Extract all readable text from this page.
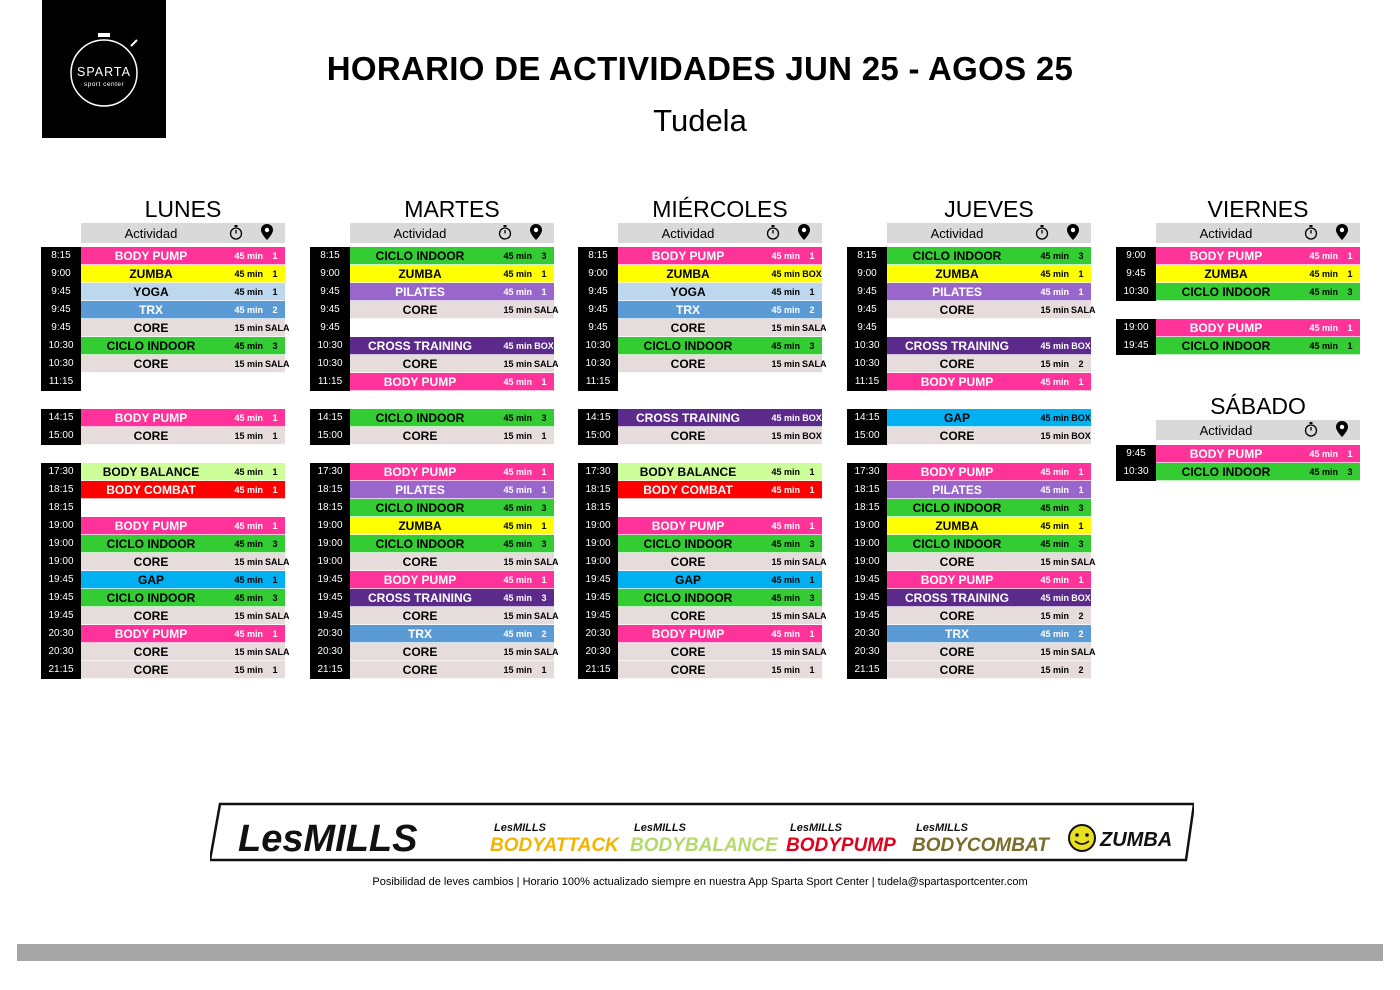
SPARTA
sport center	HORARIO DE ACTIVIDADES JUN 25 - AGOS 25
Tudela
LUNES
Actividad
8:15	BODY PUMP	45 min	1
9:00	ZUMBA	45 min	1
9:45	YOGA	45 min	1
9:45	TRX	45 min	2
9:45	CORE	15 min SALA
10:30	CICLO INDOOR	45 min	3
10:30	CORE	15 min SALA
11:15
14:15	BODY PUMP	45 min	1
15:00	CORE	15 min	1
17:30	BODY BALANCE	45 min	1
18:15	BODY COMBAT	45 min	1
18:15
19:00	BODY PUMP	45 min	1
19:00	CICLO INDOOR	45 min	3
19:00	CORE	15 min SALA
19:45	GAP	45 min	1
19:45	CICLO INDOOR	45 min	3
19:45	CORE	15 min SALA
20:30	BODY PUMP	45 min	1
20:30	CORE	15 min SALA
21:15	CORE	15 min	1
MARTES
Actividad
8:15	CICLO INDOOR	45 min	3
9:00	ZUMBA	45 min	1
9:45	PILATES	45 min	1
9:45	CORE	15 min SALA
9:45
10:30	CROSS TRAINING	45 min BOX
10:30	CORE	15 min SALA
11:15	BODY PUMP	45 min	1
14:15	CICLO INDOOR	45 min	3
15:00	CORE	15 min	1
17:30	BODY PUMP	45 min	1
18:15	PILATES	45 min	1
18:15	CICLO INDOOR	45 min	3
19:00	ZUMBA	45 min	1
19:00	CICLO INDOOR	45 min	3
19:00	CORE	15 min SALA
19:45	BODY PUMP	45 min	1
19:45	CROSS TRAINING	45 min	3
19:45	CORE	15 min SALA
20:30	TRX	45 min	2
20:30	CORE	15 min SALA
21:15	CORE	15 min	1
MIÉRCOLES
Actividad
8:15	BODY PUMP	45 min	1
9:00	ZUMBA	45 min BOX
9:45	YOGA	45 min	1
9:45	TRX	45 min	2
9:45	CORE	15 min SALA
10:30	CICLO INDOOR	45 min	3
10:30	CORE	15 min SALA
11:15
14:15	CROSS TRAINING	45 min BOX
15:00	CORE	15 min BOX
17:30	BODY BALANCE	45 min	1
18:15	BODY COMBAT	45 min	1
18:15
19:00	BODY PUMP	45 min	1
19:00	CICLO INDOOR	45 min	3
19:00	CORE	15 min SALA
19:45	GAP	45 min	1
19:45	CICLO INDOOR	45 min	3
19:45	CORE	15 min SALA
20:30	BODY PUMP	45 min	1
20:30	CORE	15 min SALA
21:15	CORE	15 min	1
JUEVES
Actividad
8:15	CICLO INDOOR	45 min	3
9:00	ZUMBA	45 min	1
9:45	PILATES	45 min	1
9:45	CORE	15 min SALA
9:45
10:30	CROSS TRAINING	45 min BOX
10:30	CORE	15 min	2
11:15	BODY PUMP	45 min	1
14:15	GAP	45 min BOX
15:00	CORE	15 min BOX
17:30	BODY PUMP	45 min	1
18:15	PILATES	45 min	1
18:15	CICLO INDOOR	45 min	3
19:00	ZUMBA	45 min	1
19:00	CICLO INDOOR	45 min	3
19:00	CORE	15 min SALA
19:45	BODY PUMP	45 min	1
19:45	CROSS TRAINING	45 min BOX
19:45	CORE	15 min	2
20:30	TRX	45 min	2
20:30	CORE	15 min SALA
21:15	CORE	15 min	2
VIERNES
Actividad
9:00	BODY PUMP	45 min	1
9:45	ZUMBA	45 min	1
10:30	CICLO INDOOR	45 min	3
19:00	BODY PUMP	45 min	1
19:45	CICLO INDOOR	45 min	1
SÁBADO
Actividad
9:45	BODY PUMP	45 min	1
10:30	CICLO INDOOR	45 min	3
LesMILLS	LesMILLS
BODYATTACK
LesMILLS
BODYBALANCE
LesMILLS
BODYPUMP
LesMILLS
BODYCOMBAT	ZUMBA
Posibilidad de leves cambios | Horario 100% actualizado siempre en nuestra App Sparta Sport Center | tudela@spartasportcenter.com
